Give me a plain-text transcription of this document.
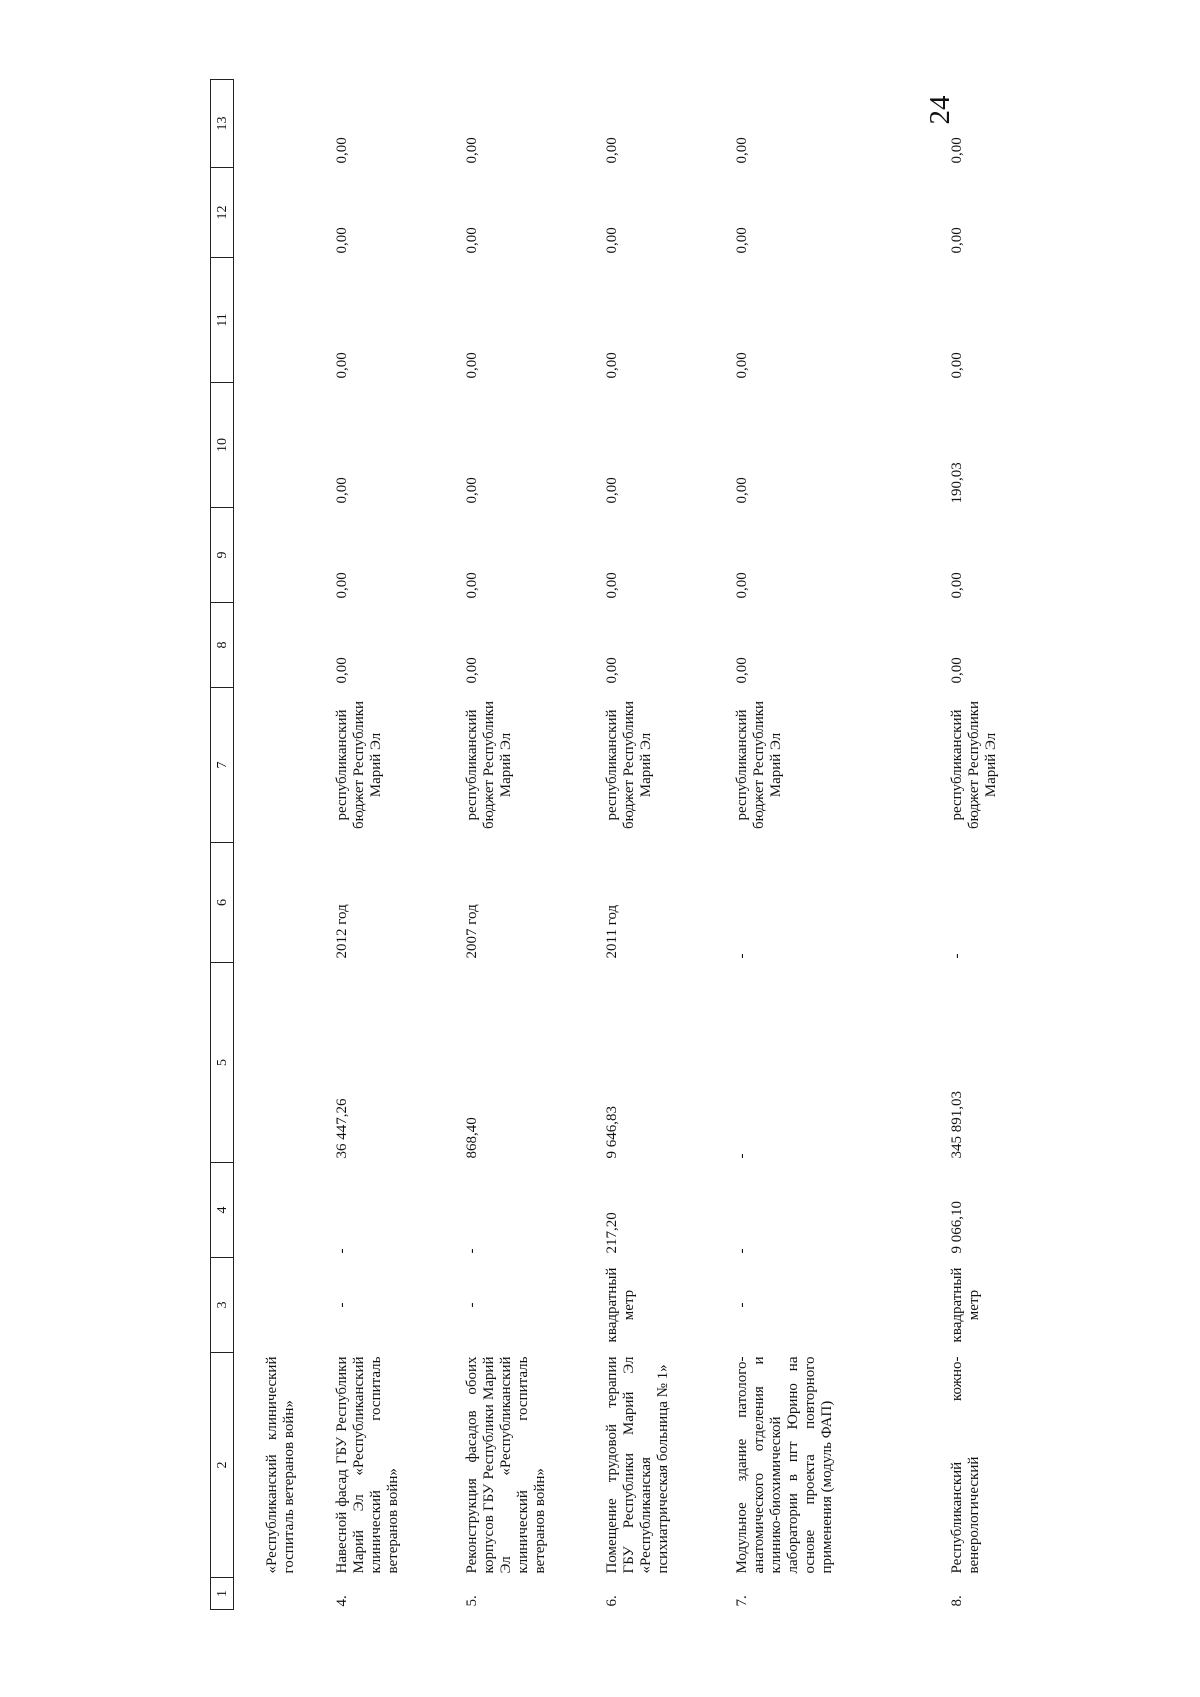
24
1	2	3	4	5	6	7	8	9	10	11	12	13
	«Республиканский клинический госпиталь ветеранов войн»											
4.	Навесной фасад ГБУ Республики Марий Эл «Республиканский клинический госпиталь ветеранов войн»	-	-	36 447,26	2012 год	республиканский бюджет Республики Марий Эл	0,00	0,00	0,00	0,00	0,00	0,00
5.	Реконструкция фасадов обоих корпусов ГБУ Республики Марий Эл «Республиканский клинический госпиталь ветеранов войн»	-	-	868,40	2007 год	республиканский бюджет Республики Марий Эл	0,00	0,00	0,00	0,00	0,00	0,00
6.	Помещение трудовой терапии ГБУ Республики Марий Эл «Республиканская психиатрическая больница № 1»	квадратный метр	217,20	9 646,83	2011 год	республиканский бюджет Республики Марий Эл	0,00	0,00	0,00	0,00	0,00	0,00
7.	Модульное здание патолого-анатомического отделения и клинико-биохимической лаборатории в пгт Юрино на основе проекта повторного применения (модуль ФАП)	-	-	-	-	республиканский бюджет Республики Марий Эл	0,00	0,00	0,00	0,00	0,00	0,00
8.	Республиканский кожно-венерологический	квадратный метр	9 066,10	345 891,03	-	республиканский бюджет Республики Марий Эл	0,00	0,00	190,03	0,00	0,00	0,00
